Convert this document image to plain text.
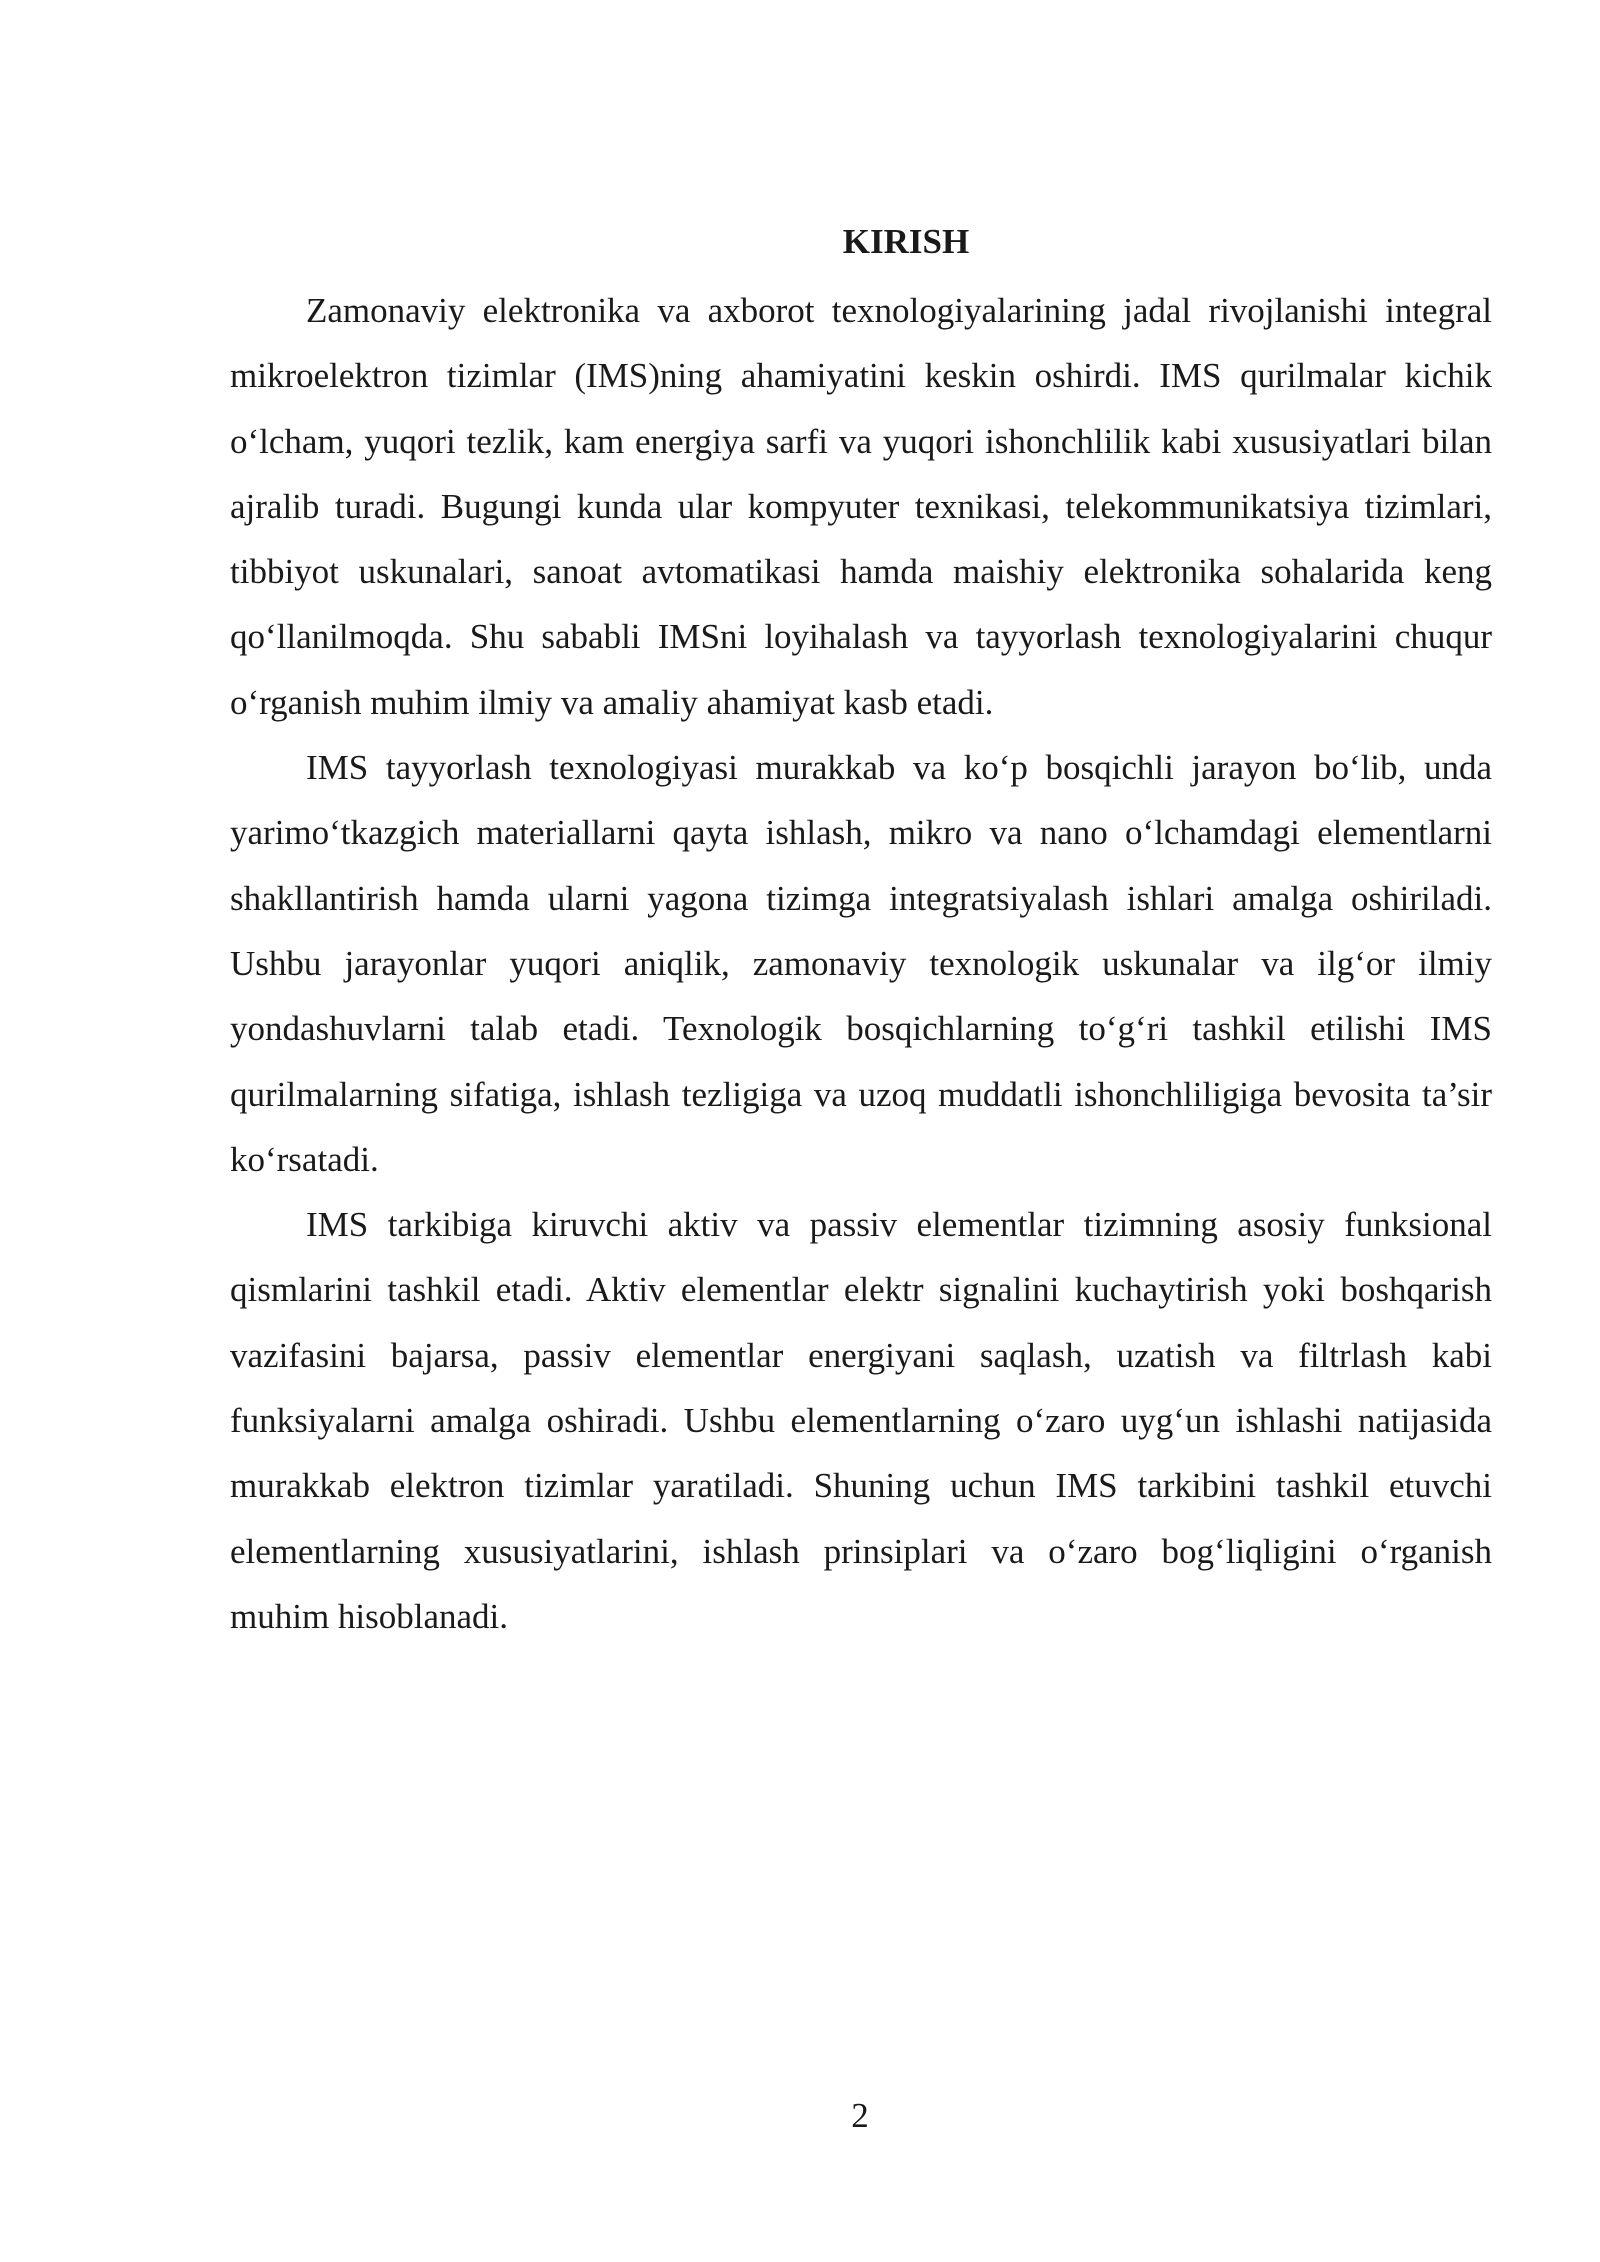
KIRISH

Zamonaviy elektronika va axborot texnologiyalarining jadal rivojlanishi integral mikroelektron tizimlar (IMS)ning ahamiyatini keskin oshirdi. IMS qurilmalar kichik o‘lcham, yuqori tezlik, kam energiya sarfi va yuqori ishonchlilik kabi xususiyatlari bilan ajralib turadi. Bugungi kunda ular kompyuter texnikasi, telekommunikatsiya tizimlari, tibbiyot uskunalari, sanoat avtomatikasi hamda maishiy elektronika sohalarida keng qo‘llanilmoqda. Shu sababli IMSni loyihalash va tayyorlash texnologiyalarini chuqur o‘rganish muhim ilmiy va amaliy ahamiyat kasb etadi.

IMS tayyorlash texnologiyasi murakkab va ko‘p bosqichli jarayon bo‘lib, unda yarimo‘tkazgich materiallarni qayta ishlash, mikro va nano o‘lchamdagi elementlarni shakllantirish hamda ularni yagona tizimga integratsiyalash ishlari amalga oshiriladi. Ushbu jarayonlar yuqori aniqlik, zamonaviy texnologik uskunalar va ilg‘or ilmiy yondashuvlarni talab etadi. Texnologik bosqichlarning to‘g‘ri tashkil etilishi IMS qurilmalarning sifatiga, ishlash tezligiga va uzoq muddatli ishonchliligiga bevosita ta’sir ko‘rsatadi.

IMS tarkibiga kiruvchi aktiv va passiv elementlar tizimning asosiy funksional qismlarini tashkil etadi. Aktiv elementlar elektr signalini kuchaytirish yoki boshqarish vazifasini bajarsa, passiv elementlar energiyani saqlash, uzatish va filtrlash kabi funksiyalarni amalga oshiradi. Ushbu elementlarning o‘zaro uyg‘un ishlashi natijasida murakkab elektron tizimlar yaratiladi. Shuning uchun IMS tarkibini tashkil etuvchi elementlarning xususiyatlarini, ishlash prinsiplari va o‘zaro bog‘liqligini o‘rganish muhim hisoblanadi.

2
